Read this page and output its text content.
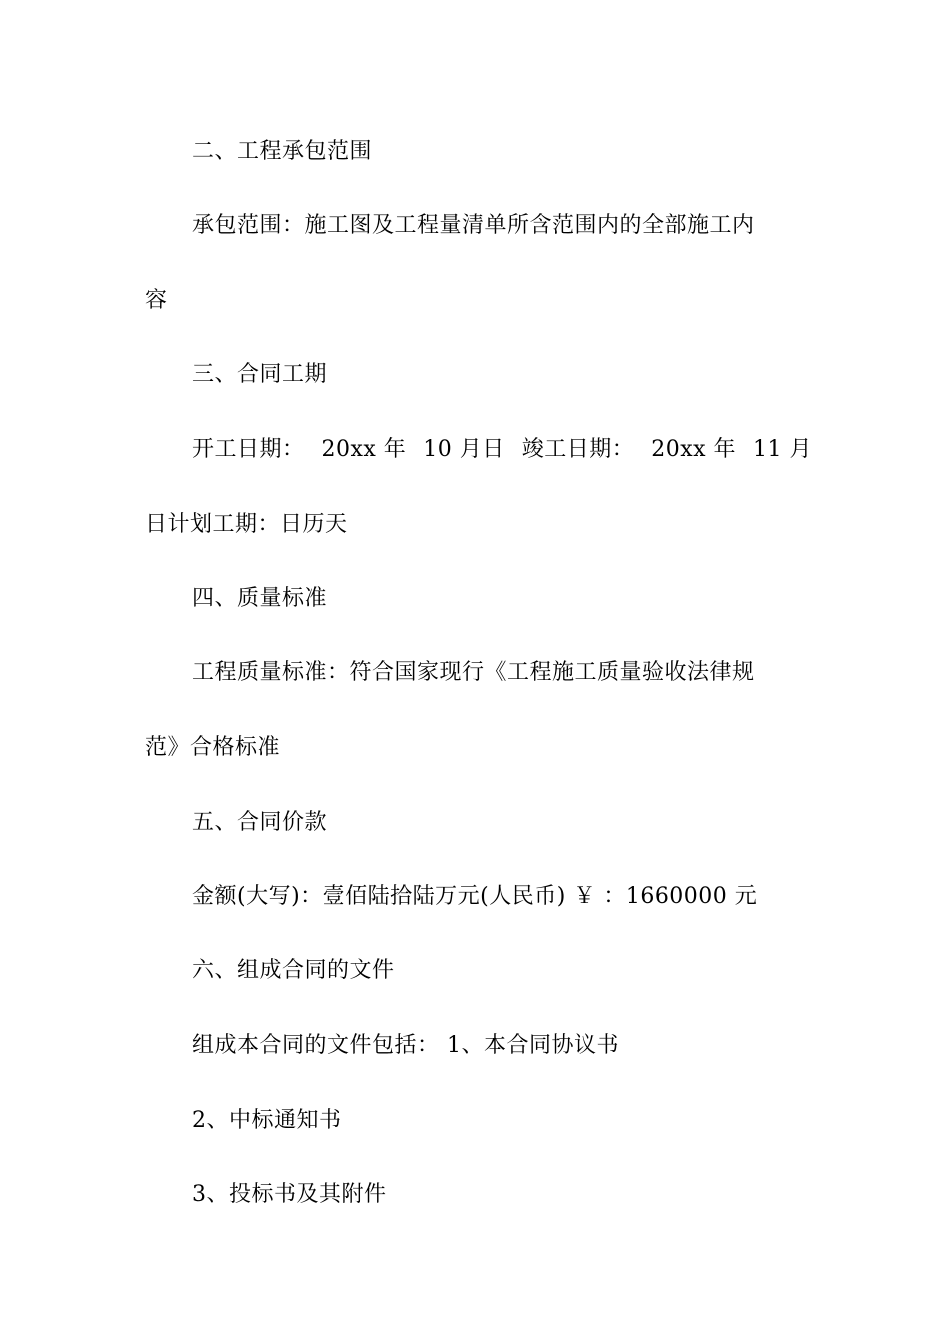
二、工程承包范围
承包范围：施工图及工程量清单所含范围内的全部施工内
容
三、合同工期
开工日期： 20xx 年 10 月日 竣工日期： 20xx 年 11 月
日计划工期：日历天
四、质量标准
工程质量标准：符合国家现行《工程施工质量验收法律规
范》合格标准
五、合同价款
金额(大写)：壹佰陆拾陆万元(人民币) ￥ ：1660000 元
六、组成合同的文件
组成本合同的文件包括： 1、本合同协议书
2、中标通知书
3、投标书及其附件
